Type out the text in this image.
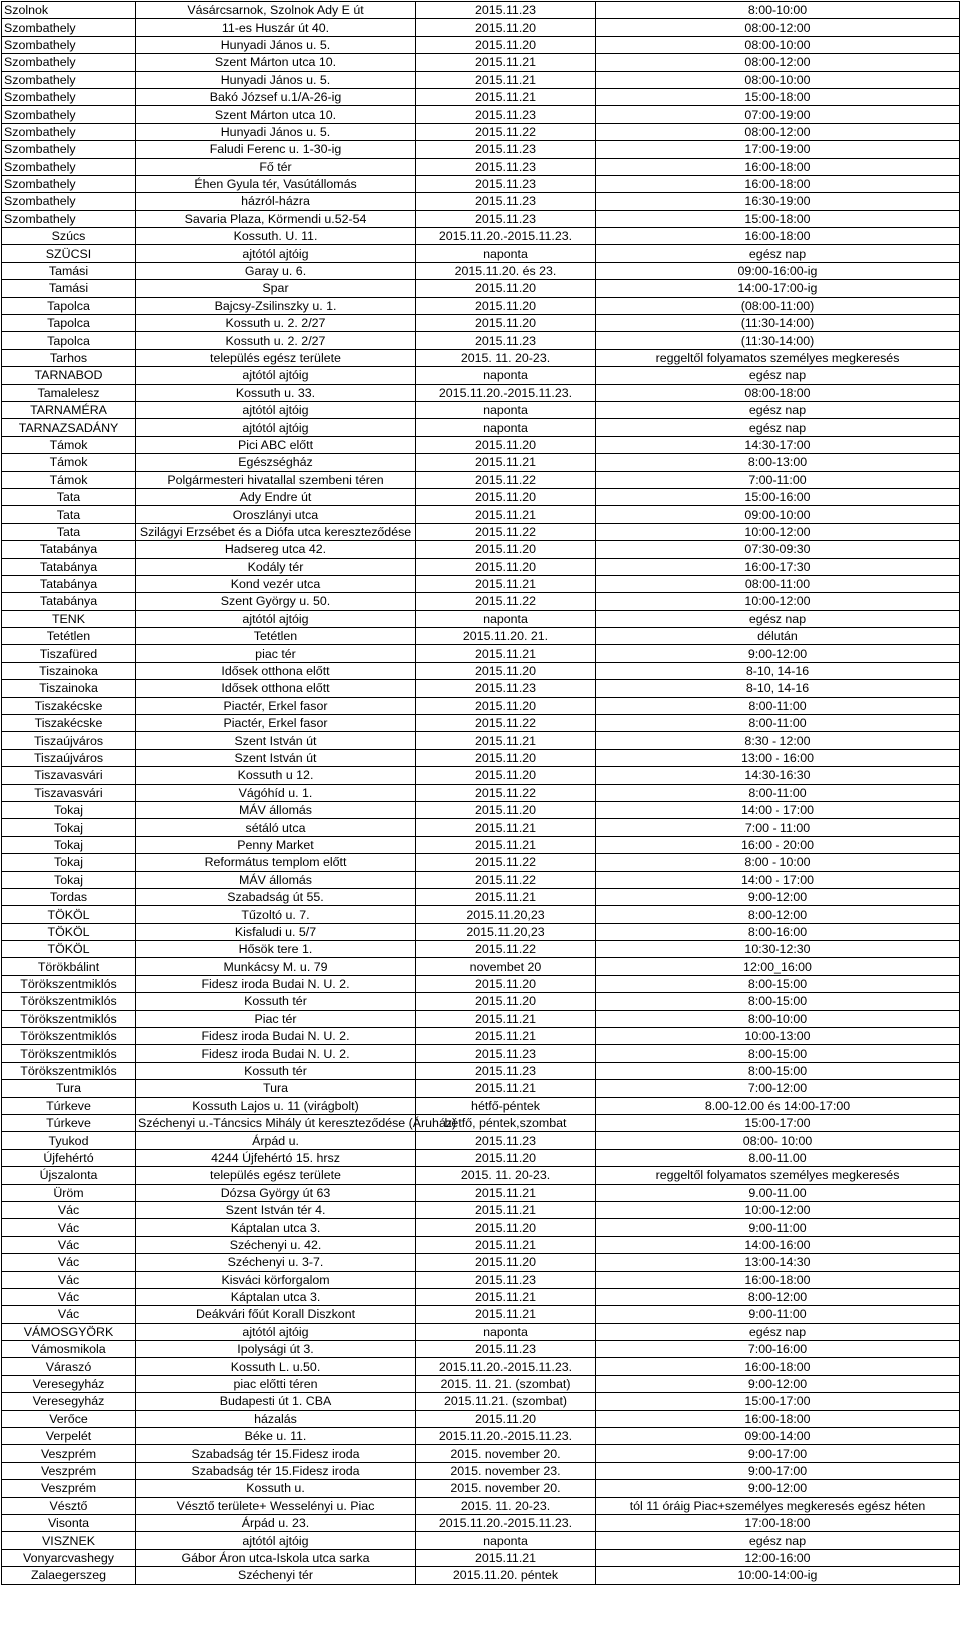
Szolnok	Vásárcsarnok, Szolnok Ady E út	2015.11.23	8:00-10:00
Szombathely	11-es Huszár út 40.	2015.11.20	08:00-12:00
Szombathely	Hunyadi János u. 5.	2015.11.20	08:00-10:00
Szombathely	Szent Márton utca 10.	2015.11.21	08:00-12:00
Szombathely	Hunyadi János u. 5.	2015.11.21	08:00-10:00
Szombathely	Bakó József u.1/A-26-ig	2015.11.21	15:00-18:00
Szombathely	Szent Márton utca 10.	2015.11.23	07:00-19:00
Szombathely	Hunyadi János u. 5.	2015.11.22	08:00-12:00
Szombathely	Faludi Ferenc u. 1-30-ig	2015.11.23	17:00-19:00
Szombathely	Fő tér	2015.11.23	16:00-18:00
Szombathely	Éhen Gyula tér, Vasútállomás	2015.11.23	16:00-18:00
Szombathely	házról-házra	2015.11.23	16:30-19:00
Szombathely	Savaria Plaza, Körmendi u.52-54	2015.11.23	15:00-18:00
Szúcs	Kossuth. U. 11.	2015.11.20.-2015.11.23.	16:00-18:00
SZÜCSI	ajtótól ajtóig	naponta	egész nap
Tamási	Garay u. 6.	2015.11.20. és 23.	09:00-16:00-ig
Tamási	Spar	2015.11.20	14:00-17:00-ig
Tapolca	Bajcsy-Zsilinszky u. 1.	2015.11.20	(08:00-11:00)
Tapolca	Kossuth u. 2. 2/27	2015.11.20	(11:30-14:00)
Tapolca	Kossuth u. 2. 2/27	2015.11.23	(11:30-14:00)
Tarhos	település egész területe	2015. 11. 20-23.	reggeltől folyamatos személyes megkeresés
TARNABOD	ajtótól ajtóig	naponta	egész nap
Tamalelesz	Kossuth u. 33.	2015.11.20.-2015.11.23.	08:00-18:00
TARNAMÉRA	ajtótól ajtóig	naponta	egész nap
TARNAZSADÁNY	ajtótól ajtóig	naponta	egész nap
Támok	Pici ABC előtt	2015.11.20	14:30-17:00
Támok	Egészségház	2015.11.21	8:00-13:00
Támok	Polgármesteri hivatallal szembeni téren	2015.11.22	7:00-11:00
Tata	Ady Endre út	2015.11.20	15:00-16:00
Tata	Oroszlányi utca	2015.11.21	09:00-10:00
Tata	Szilágyi Erzsébet és a Diófa utca kereszteződése	2015.11.22	10:00-12:00
Tatabánya	Hadsereg utca 42.	2015.11.20	07:30-09:30
Tatabánya	Kodály tér	2015.11.20	16:00-17:30
Tatabánya	Kond vezér utca	2015.11.21	08:00-11:00
Tatabánya	Szent György u. 50.	2015.11.22	10:00-12:00
TENK	ajtótól ajtóig	naponta	egész nap
Tetétlen	Tetétlen	2015.11.20. 21.	délután
Tiszafüred	piac tér	2015.11.21	9:00-12:00
Tiszainoka	Idősek otthona előtt	2015.11.20	8-10, 14-16
Tiszainoka	Idősek otthona előtt	2015.11.23	8-10, 14-16
Tiszakécske	Piactér, Erkel fasor	2015.11.20	8:00-11:00
Tiszakécske	Piactér, Erkel fasor	2015.11.22	8:00-11:00
Tiszaújváros	Szent István út	2015.11.21	8:30 - 12:00
Tiszaújváros	Szent István út	2015.11.20	13:00 - 16:00
Tiszavasvári	Kossuth u 12.	2015.11.20	14:30-16:30
Tiszavasvári	Vágóhíd u. 1.	2015.11.22	8:00-11:00
Tokaj	MÁV állomás	2015.11.20	14:00 - 17:00
Tokaj	sétáló utca	2015.11.21	7:00 - 11:00
Tokaj	Penny Market	2015.11.21	16:00 - 20:00
Tokaj	Református templom előtt	2015.11.22	8:00 - 10:00
Tokaj	MÁV állomás	2015.11.22	14:00 - 17:00
Tordas	Szabadság út 55.	2015.11.21	9:00-12:00
TÖKÖL	Tűzoltó u. 7.	2015.11.20,23	8:00-12:00
TÖKÖL	Kisfaludi u. 5/7	2015.11.20,23	8:00-16:00
TÖKÖL	Hősök tere 1.	2015.11.22	10:30-12:30
Törökbálint	Munkácsy M. u. 79	novembet 20	12:00_16:00
Törökszentmiklós	Fidesz iroda Budai N. U. 2.	2015.11.20	8:00-15:00
Törökszentmiklós	Kossuth tér	2015.11.20	8:00-15:00
Törökszentmiklós	Piac tér	2015.11.21	8:00-10:00
Törökszentmiklós	Fidesz iroda Budai N. U. 2.	2015.11.21	10:00-13:00
Törökszentmiklós	Fidesz iroda Budai N. U. 2.	2015.11.23	8:00-15:00
Törökszentmiklós	Kossuth tér	2015.11.23	8:00-15:00
Tura	Tura	2015.11.21	7:00-12:00
Túrkeve	Kossuth Lajos u. 11 (virágbolt)	hétfő-péntek	8.00-12.00 és 14:00-17:00
Túrkeve	Széchenyi u.-Táncsics Mihály út kereszteződése (Áruház)	hétfő, péntek,szombat	15:00-17:00
Tyukod	Árpád u.	2015.11.23	08:00- 10:00
Újfehértó	4244 Újfehértó 15. hrsz	2015.11.20	8.00-11.00
Újszalonta	település egész területe	2015. 11. 20-23.	reggeltől folyamatos személyes megkeresés
Üröm	Dózsa György út 63	2015.11.21	9.00-11.00
Vác	Szent István tér 4.	2015.11.21	10:00-12:00
Vác	Káptalan utca 3.	2015.11.20	9:00-11:00
Vác	Széchenyi u. 42.	2015.11.21	14:00-16:00
Vác	Széchenyi u. 3-7.	2015.11.20	13:00-14:30
Vác	Kisváci körforgalom	2015.11.23	16:00-18:00
Vác	Káptalan utca 3.	2015.11.21	8:00-12:00
Vác	Deákvári főút Korall Diszkont	2015.11.21	9:00-11:00
VÁMOSGYÖRK	ajtótól ajtóig	naponta	egész nap
Vámosmikola	Ipolysági út 3.	2015.11.23	7:00-16:00
Váraszó	Kossuth L. u.50.	2015.11.20.-2015.11.23.	16:00-18:00
Veresegyház	piac előtti téren	2015. 11. 21. (szombat)	9:00-12:00
Veresegyház	Budapesti út 1. CBA	2015.11.21. (szombat)	15:00-17:00
Verőce	házalás	2015.11.20	16:00-18:00
Verpelét	Béke u. 11.	2015.11.20.-2015.11.23.	09:00-14:00
Veszprém	Szabadság tér 15.Fidesz iroda	2015. november 20.	9:00-17:00
Veszprém	Szabadság tér 15.Fidesz iroda	2015. november 23.	9:00-17:00
Veszprém	Kossuth u.	2015. november 20.	9:00-12:00
Vésztő	Vésztő területe+ Wesselényi u. Piac	2015. 11. 20-23.	tól 11 óráig Piac+személyes megkeresés egész héten
Visonta	Árpád u. 23.	2015.11.20.-2015.11.23.	17:00-18:00
VISZNEK	ajtótól ajtóig	naponta	egész nap
Vonyarcvashegy	Gábor Áron utca-Iskola utca sarka	2015.11.21	12:00-16:00
Zalaegerszeg	Széchenyi tér	2015.11.20. péntek	10:00-14:00-ig
